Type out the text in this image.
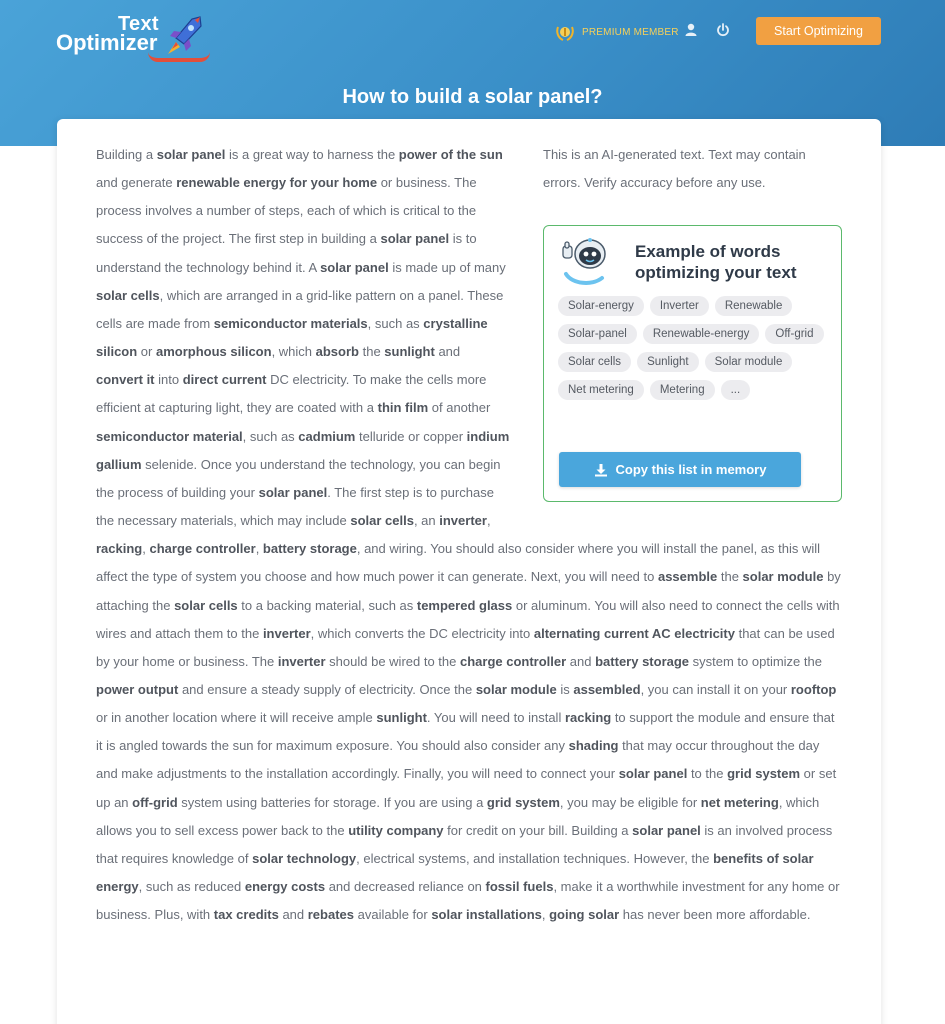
Text
Optimizer	PREMIUM MEMBER	Start Optimizing
How to build a solar panel?
Building a solar panel is a great way to harness the power of the sun and generate renewable energy for your home or business. The process involves a number of steps, each of which is critical to the success of the project. The first step in building a solar panel is to understand the technology behind it. A solar panel is made up of many solar cells, which are arranged in a grid-like pattern on a panel. These cells are made from semiconductor materials, such as crystalline silicon or amorphous silicon, which absorb the sunlight and convert it into direct current DC electricity. To make the cells more efficient at capturing light, they are coated with a thin film of another semiconductor material, such as cadmium telluride or copper indium gallium selenide. Once you understand the technology, you can begin the process of building your solar panel. The first step is to purchase the necessary materials, which may include solar cells, an inverter, racking, charge controller, battery storage, and wiring. You should also consider where you will install the panel, as this will affect the type of system you choose and how much power it can generate. Next, you will need to assemble the solar module by attaching the solar cells to a backing material, such as tempered glass or aluminum. You will also need to connect the cells with wires and attach them to the inverter, which converts the DC electricity into alternating current AC electricity that can be used by your home or business. The inverter should be wired to the charge controller and battery storage system to optimize the power output and ensure a steady supply of electricity. Once the solar module is assembled, you can install it on your rooftop or in another location where it will receive ample sunlight. You will need to install racking to support the module and ensure that it is angled towards the sun for maximum exposure. You should also consider any shading that may occur throughout the day and make adjustments to the installation accordingly. Finally, you will need to connect your solar panel to the grid system or set up an off-grid system using batteries for storage. If you are using a grid system, you may be eligible for net metering, which allows you to sell excess power back to the utility company for credit on your bill. Building a solar panel is an involved process that requires knowledge of solar technology, electrical systems, and installation techniques. However, the benefits of solar energy, such as reduced energy costs and decreased reliance on fossil fuels, make it a worthwhile investment for any home or business. Plus, with tax credits and rebates available for solar installations, going solar has never been more affordable.
This is an AI-generated text. Text may contain errors. Verify accuracy before any use.
Example of words optimizing your text
Solar-energy	Inverter	Renewable
Solar-panel	Renewable-energy	Off-grid
Solar cells	Sunlight	Solar module
Net metering	Metering	...
Copy this list in memory
